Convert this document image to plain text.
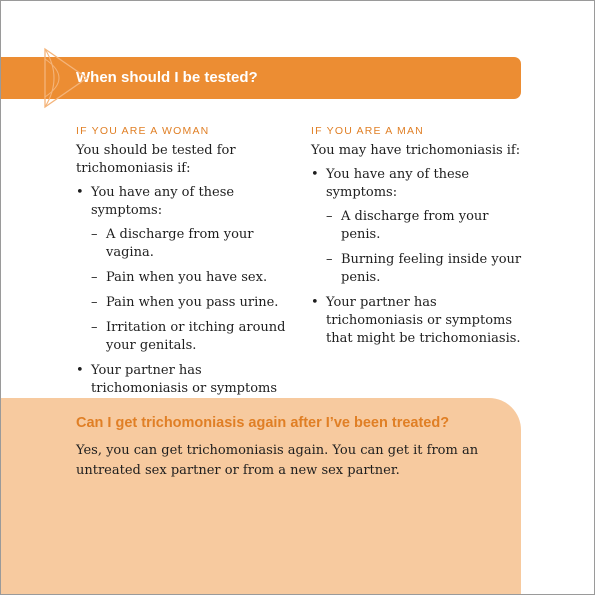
When should I be tested?

IF YOU ARE A WOMAN

You should be tested for trichomoniasis if:

• You have any of these symptoms:
– A discharge from your vagina.
– Pain when you have sex.
– Pain when you pass urine.
– Irritation or itching around your genitals.
• Your partner has trichomoniasis or symptoms

IF YOU ARE A MAN

You may have trichomoniasis if:

• You have any of these symptoms:
– A discharge from your penis.
– Burning feeling inside your penis.
• Your partner has trichomoniasis or symptoms that might be trichomoniasis.
Can I get trichomoniasis again after I’ve been treated?

Yes, you can get trichomoniasis again. You can get it from an untreated sex partner or from a new sex partner.
